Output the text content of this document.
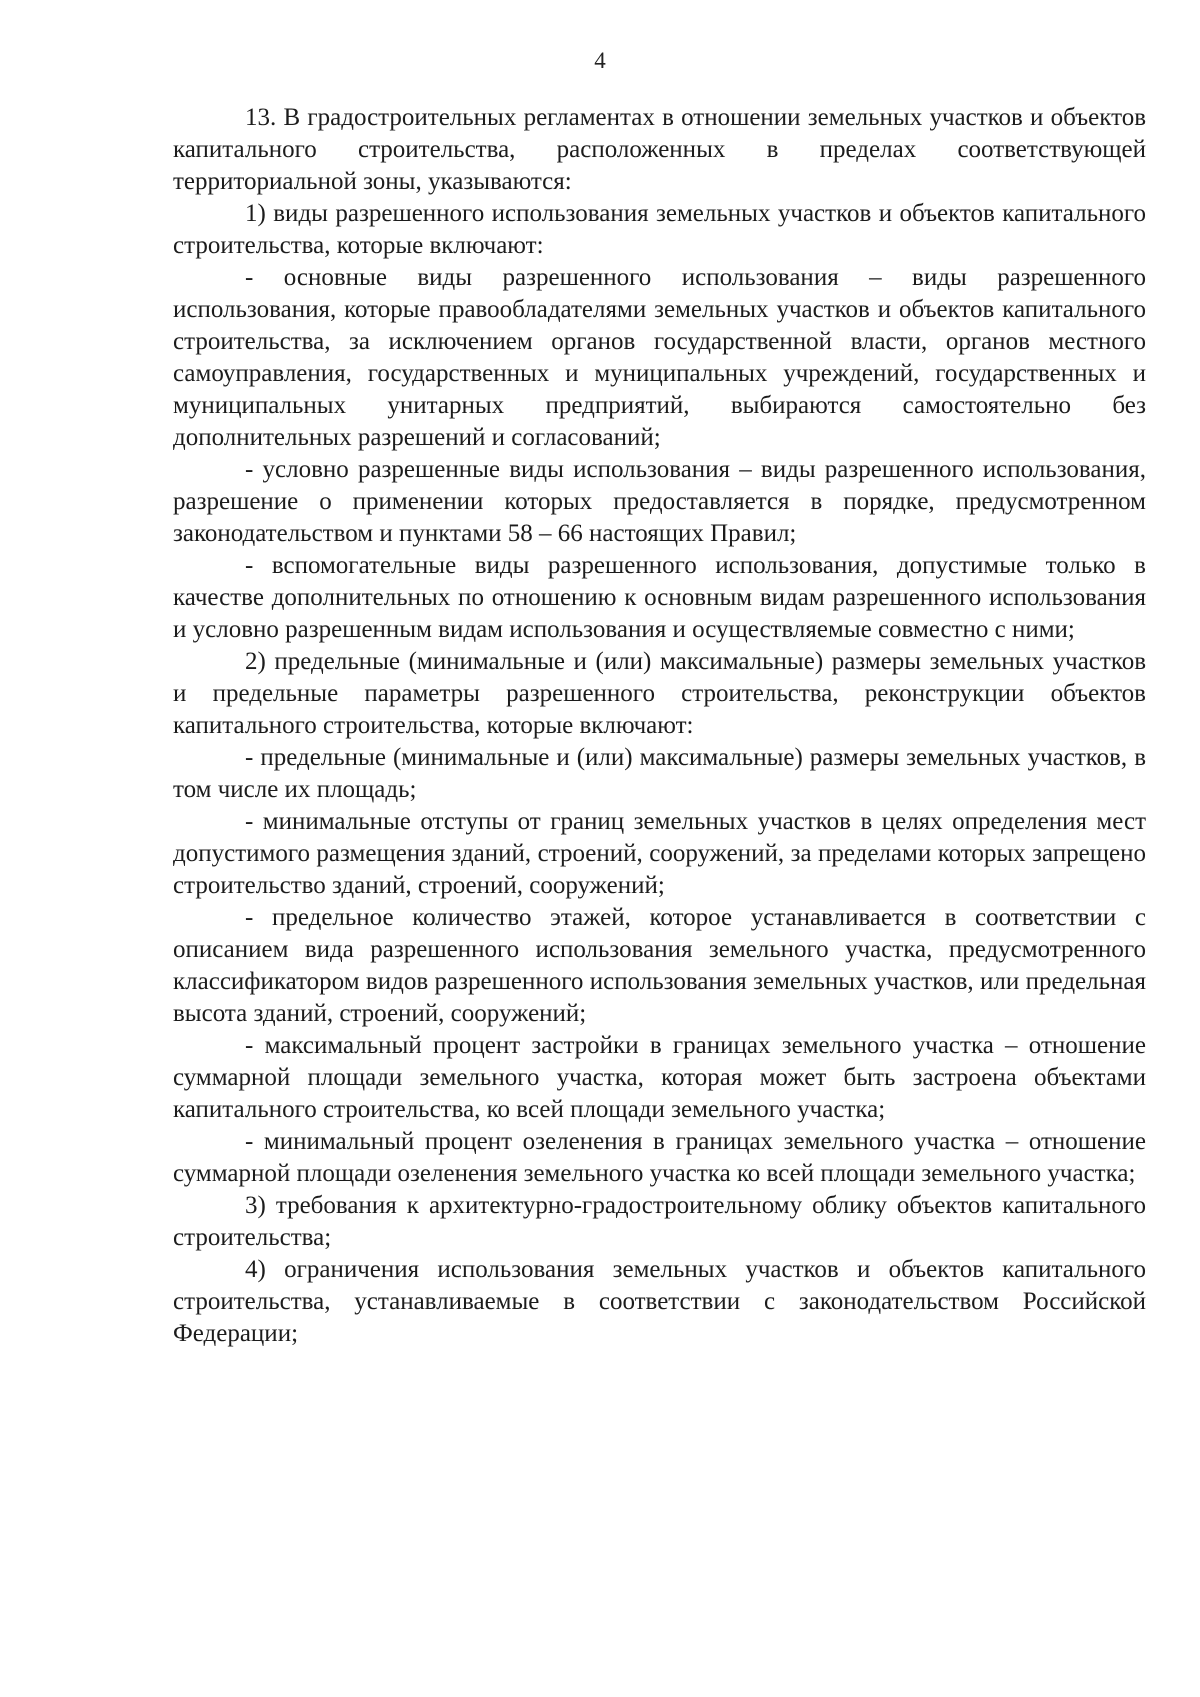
4

13. В градостроительных регламентах в отношении земельных участков и объектов капитального строительства, расположенных в пределах соответствующей территориальной зоны, указываются:

1) виды разрешенного использования земельных участков и объектов капитального строительства, которые включают:

- основные виды разрешенного использования – виды разрешенного использования, которые правообладателями земельных участков и объектов капитального строительства, за исключением органов государственной власти, органов местного самоуправления, государственных и муниципальных учреждений, государственных и муниципальных унитарных предприятий, выбираются самостоятельно без дополнительных разрешений и согласований;

- условно разрешенные виды использования – виды разрешенного использования, разрешение о применении которых предоставляется в порядке, предусмотренном законодательством и пунктами 58 – 66 настоящих Правил;

- вспомогательные виды разрешенного использования, допустимые только в качестве дополнительных по отношению к основным видам разрешенного использования и условно разрешенным видам использования и осуществляемые совместно с ними;

2) предельные (минимальные и (или) максимальные) размеры земельных участков и предельные параметры разрешенного строительства, реконструкции объектов капитального строительства, которые включают:

- предельные (минимальные и (или) максимальные) размеры земельных участков, в том числе их площадь;

- минимальные отступы от границ земельных участков в целях определения мест допустимого размещения зданий, строений, сооружений, за пределами которых запрещено строительство зданий, строений, сооружений;

- предельное количество этажей, которое устанавливается в соответствии с описанием вида разрешенного использования земельного участка, предусмотренного классификатором видов разрешенного использования земельных участков, или предельная высота зданий, строений, сооружений;

- максимальный процент застройки в границах земельного участка – отношение суммарной площади земельного участка, которая может быть застроена объектами капитального строительства, ко всей площади земельного участка;

- минимальный процент озеленения в границах земельного участка – отношение суммарной площади озеленения земельного участка ко всей площади земельного участка;

3) требования к архитектурно-градостроительному облику объектов капитального строительства;

4) ограничения использования земельных участков и объектов капитального строительства, устанавливаемые в соответствии с законодательством Российской Федерации;
